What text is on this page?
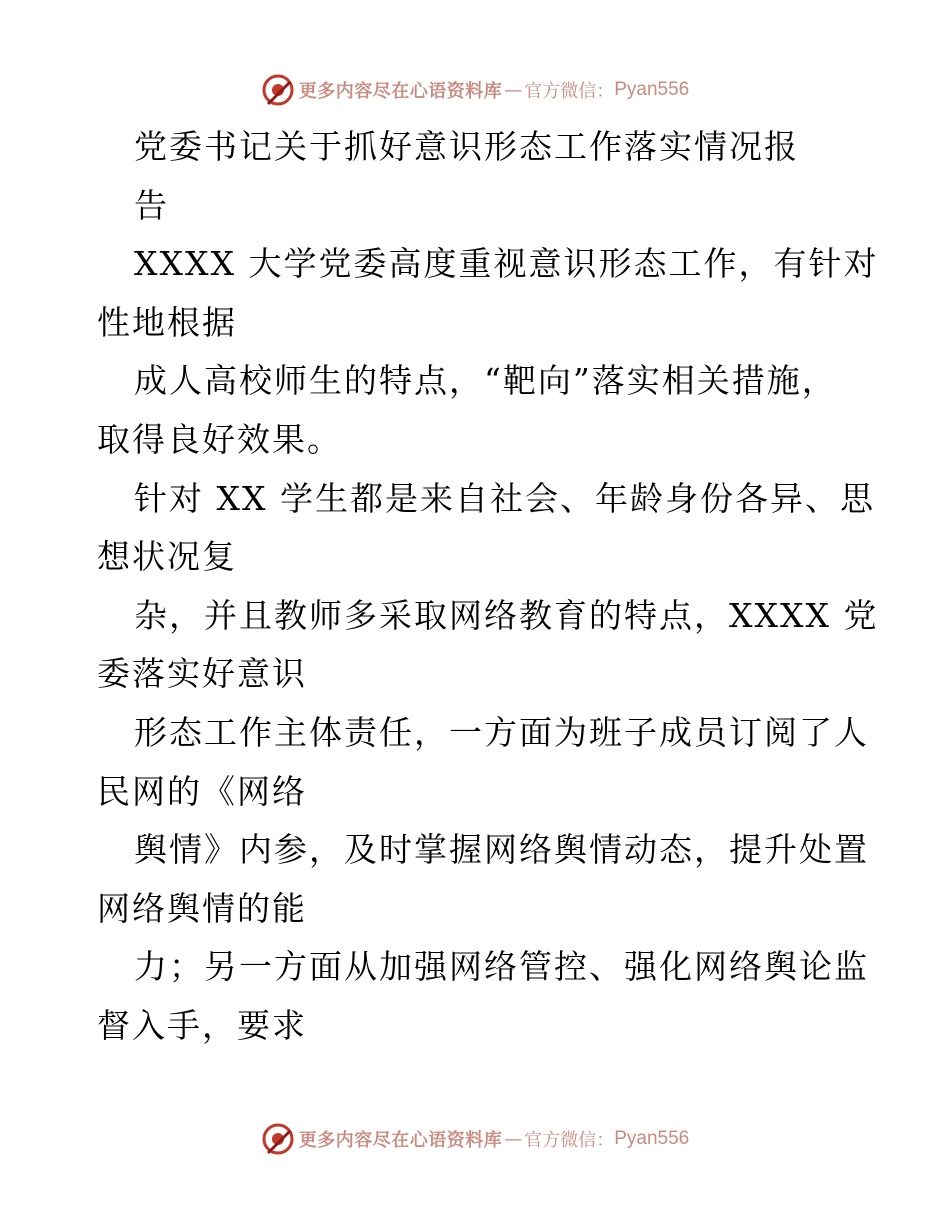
更多内容尽在心语资料库 — 官方微信： Pyan556
党委书记关于抓好意识形态工作落实情况报
告
XXXX 大学党委高度重视意识形态工作，有针对
性地根据
成人高校师生的特点，“靶向”落实相关措施，
取得良好效果。
针对 XX 学生都是来自社会、年龄身份各异、思
想状况复
杂，并且教师多采取网络教育的特点，XXXX 党
委落实好意识
形态工作主体责任，一方面为班子成员订阅了人
民网的《网络
舆情》内参，及时掌握网络舆情动态，提升处置
网络舆情的能
力；另一方面从加强网络管控、强化网络舆论监
督入手，要求
更多内容尽在心语资料库 — 官方微信： Pyan556
